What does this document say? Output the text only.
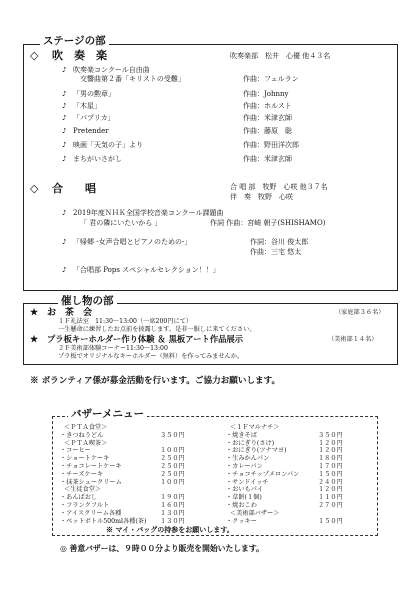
ステージの部
◇ 吹　奏　楽	吹奏楽部　松井　心優 他４３名
♪ 吹奏楽コンクール自由曲
交響曲第２番「キリストの受難」	作曲：フェルラン
♪ 「男の勲章」	作曲：Johnny
♪ 「木星」	作曲：ホルスト
♪ 「パプリカ」	作曲：米津玄師
♪ Pretender	作曲：藤原　聡
♪ 映画「天気の子」より	作曲：野田洋次郎
♪ まちがいさがし	作曲：米津玄師
◇ 合　　唱	合 唱 部　牧野　心咲 他３７名
伴　奏　牧野　心咲
♪ 2019年度ＮＨＫ全国学校音楽コンクール課題曲
「 君の隣にいたいから 」	作詞 作曲：宮崎 朝子(SHISHAMO)
♪ 「帰郷 -女声合唱とピアノのための-」	作詞：谷川 俊太郎
作曲：三宅 悠太
♪ 「合唱部 Pops スペシャルセレクション！！」
催し物の部
★ お　茶　会	（家庭部３６名）
１Ｆ礼法室　11:30～13:00（一席200円にて）
一生懸命に練習したお点前を披露します。是非一服しに来てください。
★ プラ板キーホルダー作り体験 ＆ 黒板アート作品展示	（美術部１４名）
２Ｆ美術部体験コーナー11:30～13:00
プラ板でオリジナルなキーホルダー（無料）を作ってみませんか。
※ ボランティア係が募金活動を行います。ご協力お願いします。
バザーメニュー
＜ＰＴＡ食堂＞
・きつねうどん	３５０円
＜ＰＴＡ喫茶＞
・コーヒー	１００円
・ショートケーキ	２５０円
・チョコレートケーキ	２５０円
・チーズケーキ	２５０円
・抹茶シュークリーム	１００円
＜生徒食堂＞
・あんぱおし	１９０円
・フランクフルト	１６０円
・アイスクリーム各種	１３０円
・ペットボトル500ml各種(茶) １３０円
＜１Ｆマルナチ＞
・焼きそば	３５０円
・おにぎり(さけ)	１２０円
・おにぎり(ツナマヨ)	１２０円
・生みかんパン	１８０円
・カレーパン	１７０円
・チョコチップメロンパン	１５０円
・サンドイッチ	２４０円
・おいもパイ	１２０円
・草餅(１個)	１１０円
・焼おこわ	２７０円
＜美術部バザー＞
・クッキー	１５０円
※ マイ・バッグの持参をお願いします。
◎ 善意バザーは、９時００分より販売を開始いたします。
